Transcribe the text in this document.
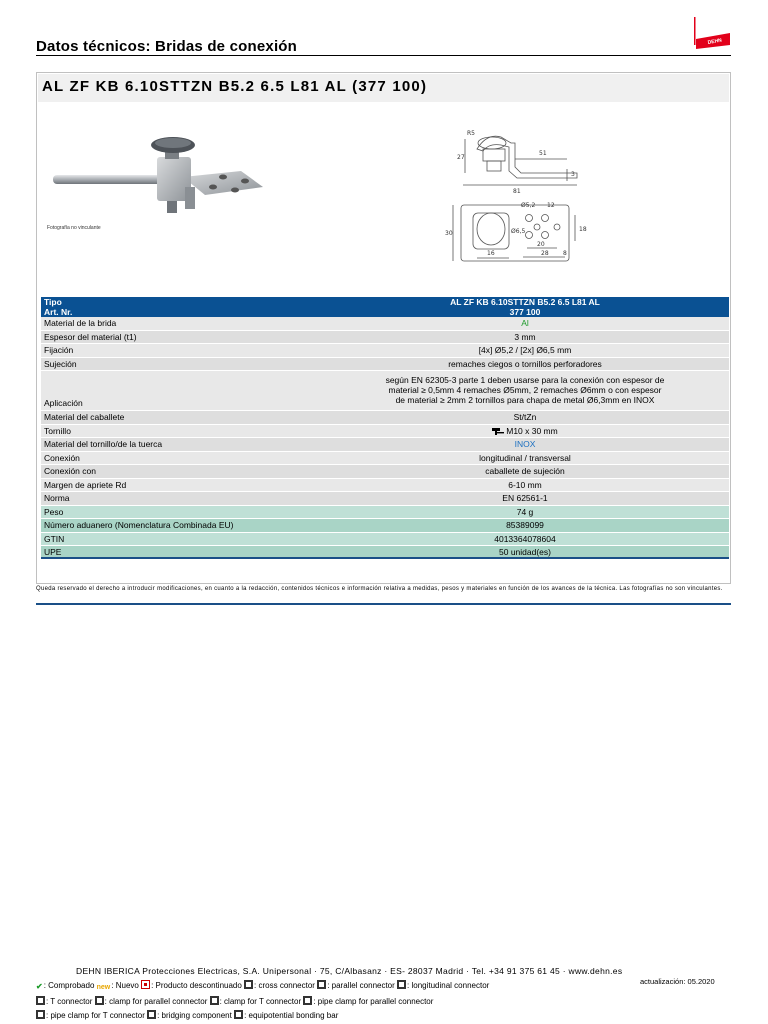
Datos técnicos: Bridas de conexión	DEHN
AL ZF KB 6.10STTZN B5.2 6.5 L81 AL (377 100)
Fotografía no vinculante
R5
27
51
3
81
Ø5,2 12
30	Ø6,5	18
16
20
28 8
Tipo	AL ZF KB 6.10STTZN B5.2 6.5 L81 AL
Art. Nr.	377 100
Material de la brida	Al
Espesor del material (t1)	3 mm
Fijación	[4x] Ø5,2 / [2x] Ø6,5 mm
Sujeción	remaches ciegos o tornillos perforadores
Aplicación	según EN 62305-3 parte 1 deben usarse para la conexión con espesor de
material ≥ 0,5mm 4 remaches Ø5mm, 2 remaches Ø6mm o con espesor
de material ≥ 2mm 2 tornillos para chapa de metal Ø6,3mm en INOX

Material del caballete	St/tZn
Tornillo	M10 x 30 mm
Material del tornillo/de la tuerca	INOX
Conexión	longitudinal / transversal
Conexión con	caballete de sujeción
Margen de apriete Rd	6-10 mm
Norma	EN 62561-1
Peso	74 g
Número aduanero (Nomenclatura Combinada EU)	85389099
GTIN	4013364078604
UPE	50 unidad(es)
Queda reservado el derecho a introducir modificaciones, en cuanto a la redacción, contenidos técnicos e información relativa a medidas, pesos y materiales en función de los avances de la técnica. Las fotografías no son vinculantes.
DEHN IBERICA Protecciones Electricas, S.A. Unipersonal · 75, C/Albasanz · ES- 28037 Madrid · Tel. +34 91 375 61 45 · www.dehn.es
actualización: 05.2020
✔: Comprobado new: Nuevo : Producto descontinuado : cross connector : parallel connector : longitudinal connector
: T connector : clamp for parallel connector : clamp for T connector : pipe clamp for parallel connector
: pipe clamp for T connector : bridging component : equipotential bonding bar
